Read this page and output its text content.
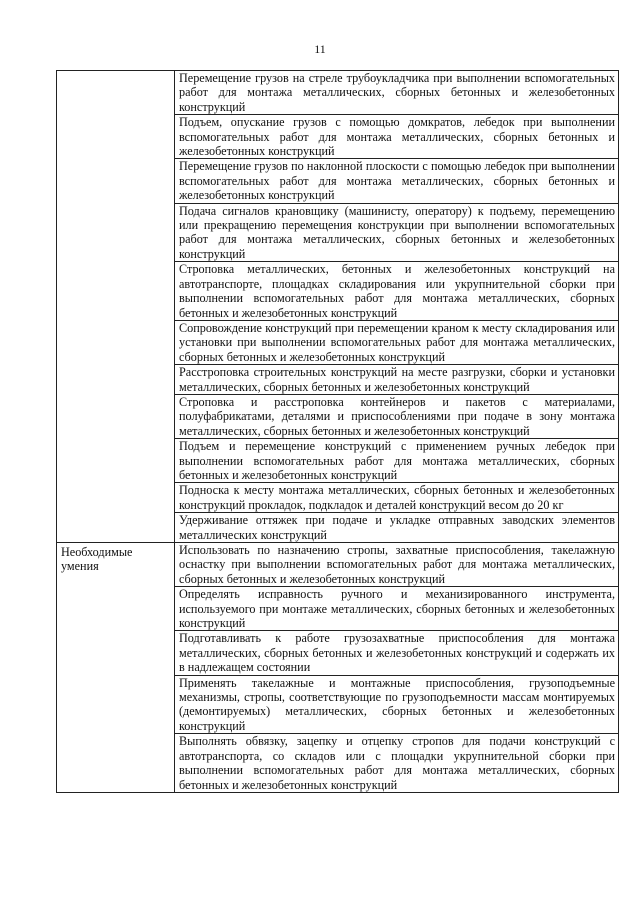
11

	Перемещение грузов на стреле трубоукладчика при выполнении вспомогательных работ для монтажа металлических, сборных бетонных и железобетонных конструкций

	Подъем, опускание грузов с помощью домкратов, лебедок при выполнении вспомогательных работ для монтажа металлических, сборных бетонных и железобетонных конструкций

	Перемещение грузов по наклонной плоскости с помощью лебедок при выполнении вспомогательных работ для монтажа металлических, сборных бетонных и железобетонных конструкций

	Подача сигналов крановщику (машинисту, оператору) к подъему, перемещению или прекращению перемещения конструкции при выполнении вспомогательных работ для монтажа металлических, сборных бетонных и железобетонных конструкций

	Строповка металлических, бетонных и железобетонных конструкций на автотранспорте, площадках складирования или укрупнительной сборки при выполнении вспомогательных работ для монтажа металлических, сборных бетонных и железобетонных конструкций

	Сопровождение конструкций при перемещении краном к месту складирования или установки при выполнении вспомогательных работ для монтажа металлических, сборных бетонных и железобетонных конструкций

	Расстроповка строительных конструкций на месте разгрузки, сборки и установки металлических, сборных бетонных и железобетонных конструкций

	Строповка и расстроповка контейнеров и пакетов с материалами, полуфабрикатами, деталями и приспособлениями при подаче в зону монтажа металлических, сборных бетонных и железобетонных конструкций

	Подъем и перемещение конструкций с применением ручных лебедок при выполнении вспомогательных работ для монтажа металлических, сборных бетонных и железобетонных конструкций

	Подноска к месту монтажа металлических, сборных бетонных и железобетонных конструкций прокладок, подкладок и деталей конструкций весом до 20 кг

	Удерживание оттяжек при подаче и укладке отправных заводских элементов металлических конструкций

Необходимые умения	Использовать по назначению стропы, захватные приспособления, такелажную оснастку при выполнении вспомогательных работ для монтажа металлических, сборных бетонных и железобетонных конструкций

	Определять исправность ручного и механизированного инструмента, используемого при монтаже металлических, сборных бетонных и железобетонных конструкций

	Подготавливать к работе грузозахватные приспособления для монтажа металлических, сборных бетонных и железобетонных конструкций и содержать их в надлежащем состоянии

	Применять такелажные и монтажные приспособления, грузоподъемные механизмы, стропы, соответствующие по грузоподъемности массам монтируемых (демонтируемых) металлических, сборных бетонных и железобетонных конструкций

	Выполнять обвязку, зацепку и отцепку стропов для подачи конструкций с автотранспорта, со складов или с площадки укрупнительной сборки при выполнении вспомогательных работ для монтажа металлических, сборных бетонных и железобетонных конструкций
